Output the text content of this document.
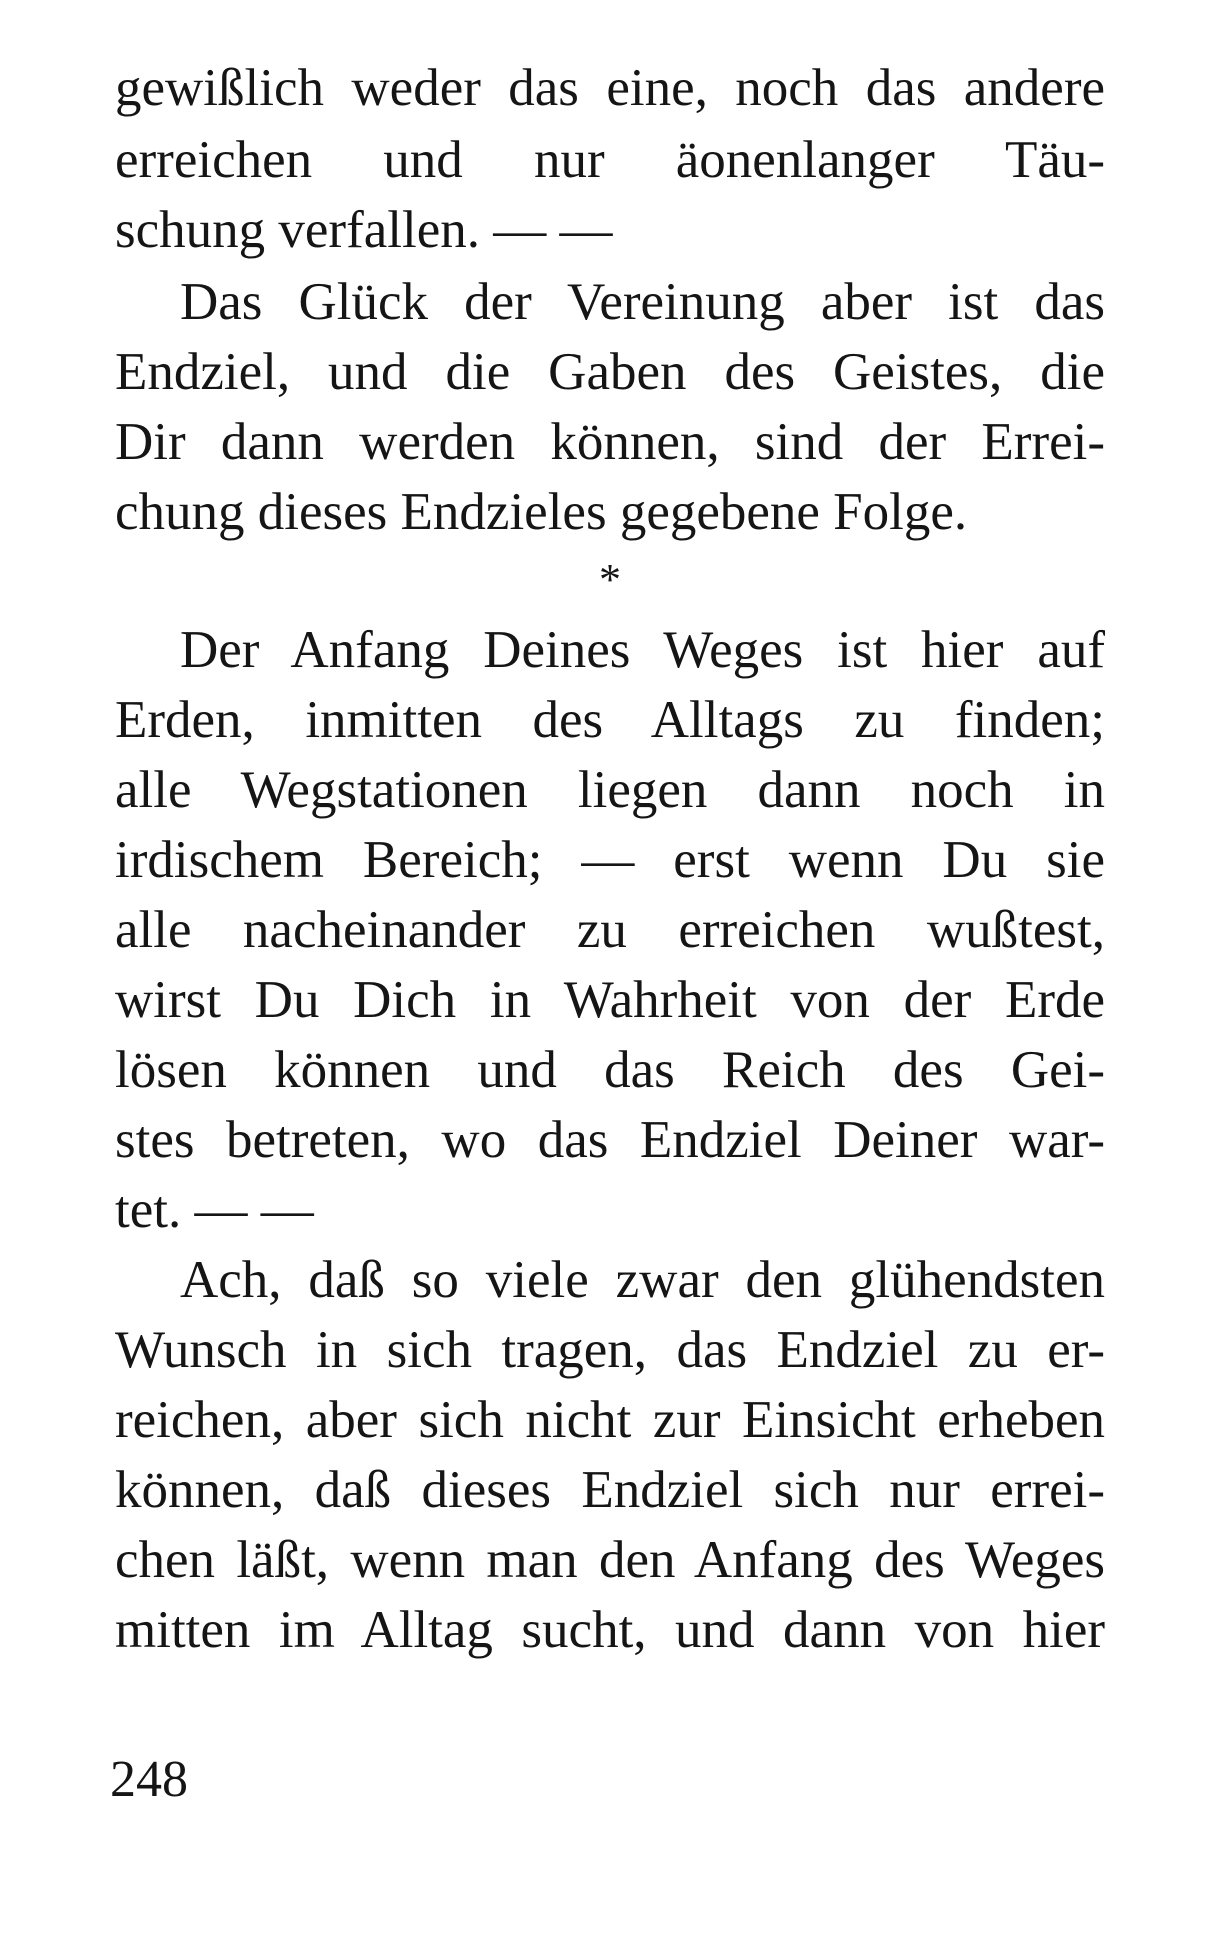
gewißlich weder das eine, noch das andere
erreichen und nur äonenlanger Täu-
schung verfallen. — —
Das Glück der Vereinung aber ist das
Endziel, und die Gaben des Geistes, die
Dir dann werden können, sind der Errei-
chung dieses Endzieles gegebene Folge.
*
Der Anfang Deines Weges ist hier auf
Erden, inmitten des Alltags zu finden;
alle Wegstationen liegen dann noch in
irdischem Bereich; — erst wenn Du sie
alle nacheinander zu erreichen wußtest,
wirst Du Dich in Wahrheit von der Erde
lösen können und das Reich des Gei-
stes betreten, wo das Endziel Deiner war-
tet. — —
Ach, daß so viele zwar den glühendsten
Wunsch in sich tragen, das Endziel zu er-
reichen, aber sich nicht zur Einsicht erheben
können, daß dieses Endziel sich nur errei-
chen läßt, wenn man den Anfang des Weges
mitten im Alltag sucht, und dann von hier
248
